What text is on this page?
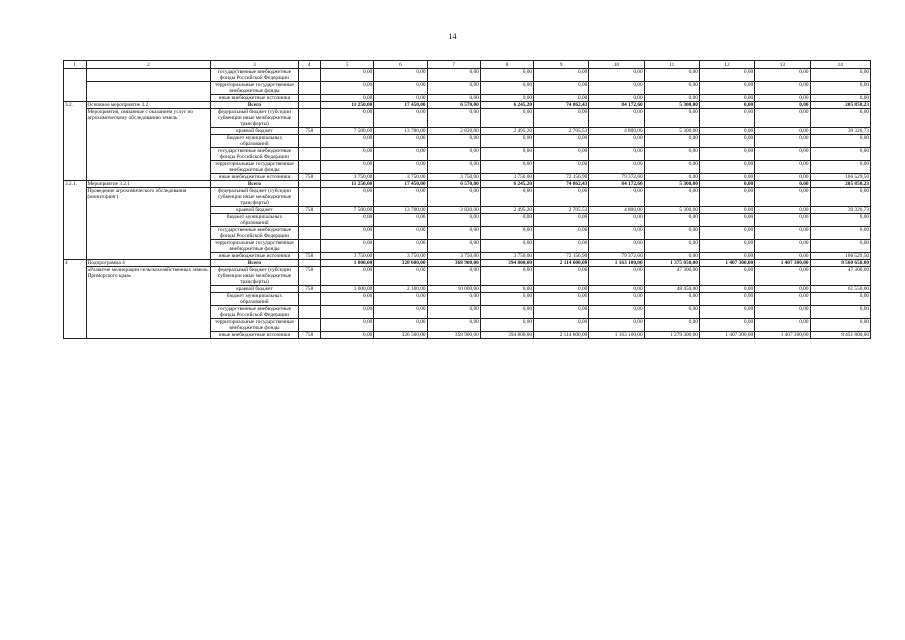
14
1	2	3	4	5	6	7	8	9	10	11	12	13	14
		государственные внебюджетные фонды Российской Федерации		0,00	0,00	0,00	0,00	0,00	0,00	0,00	0,00	0,00	0,00
		территориальные государственные внебюджетные фонды		0,00	0,00	0,00	0,00	0,00	0,00	0,00	0,00	0,00	0,00
		иные внебюджетные источники		0,00	0,00	0,00	0,00	0,00	0,00	0,00	0,00	0,00	0,00
3.2.	Основное мероприятие 3.2	Всего		11 250,00	17 450,00	6 570,00	6 245,20	74 862,43	84 172,60	5 300,00	0,00	0,00	205 850,23
	Мероприятия, связанные с оказанием услуг по агрохимическому обследованию земель	федеральный бюджет (субсидии субвенции иные межбюджетные трансферты)		0,00	0,00	0,00	0,00	0,00	0,00	0,00	0,00	0,00	0,00
		краевой бюджет	758	7 500,00	13 700,00	2 820,00	2 495,20	2 705,53	4 800,00	5 300,00	0,00	0,00	39 320,73
		бюджет муниципальных образований		0,00	0,00	0,00	0,00	0,00	0,00	0,00	0,00	0,00	0,00
		государственные внебюджетные фонды Российской Федерации		0,00	0,00	0,00	0,00	0,00	0,00	0,00	0,00	0,00	0,00
		территориальные государственные внебюджетные фонды		0,00	0,00	0,00	0,00	0,00	0,00	0,00	0,00	0,00	0,00
		иные внебюджетные источники	758	3 750,00	3 750,00	3 750,00	3 750,00	72 156,90	79 372,60	0,00	0,00	0,00	166 529,50
3.2.1.	Мероприятие 3.2.1	Всего		11 250,00	17 450,00	6 570,00	6 245,20	74 862,43	84 172,60	5 300,00	0,00	0,00	205 850,23
	Проведение агрохимического обследования (мониторинг)	федеральный бюджет (субсидии субвенции иные межбюджетные трансферты)		0,00	0,00	0,00	0,00	0,00	0,00	0,00	0,00	0,00	0,00
		краевой бюджет	758	7 500,00	13 700,00	2 820,00	2 495,20	2 705,53	4 800,00	5 300,00	0,00	0,00	39 320,73
		бюджет муниципальных образований		0,00	0,00	0,00	0,00	0,00	0,00	0,00	0,00	0,00	0,00
		государственные внебюджетные фонды Российской Федерации		0,00	0,00	0,00	0,00	0,00	0,00	0,00	0,00	0,00	0,00
		территориальные государственные внебюджетные фонды		0,00	0,00	0,00	0,00	0,00	0,00	0,00	0,00	0,00	0,00
		иные внебюджетные источники	758	3 750,00	3 750,00	3 750,00	3 750,00	72 156,90	79 372,60	0,00	0,00	0,00	166 529,50
4	Подпрограмма 4	Всего		1 000,00	328 600,00	368 900,00	394 800,00	2 114 600,00	1 163 100,00	1 375 050,00	1 407 300,00	1 407 300,00	8 560 650,00
	«Развитие мелиорации сельскохозяйственных земель Приморского края»	федеральный бюджет (субсидии субвенции иные межбюджетные трансферты)	758	0,00	0,00	0,00	0,00	0,00	0,00	47 300,00	0,00	0,00	47 300,00
		краевой бюджет	758	1 000,00	2 100,00	10 000,00	0,00	0,00	0,00	48 450,00	0,00	0,00	61 550,00
		бюджет муниципальных образований		0,00	0,00	0,00	0,00	0,00	0,00	0,00	0,00	0,00	0,00
		государственные внебюджетные фонды Российской Федерации		0,00	0,00	0,00	0,00	0,00	0,00	0,00	0,00	0,00	0,00
		территориальные государственные внебюджетные фонды		0,00	0,00	0,00	0,00	0,00	0,00	0,00	0,00	0,00	0,00
		иные внебюджетные источники	758	0,00	326 500,00	358 900,00	394 800,00	2 114 600,00	1 163 100,00	1 279 300,00	1 407 300,00	1 407 300,00	8 451 800,00
